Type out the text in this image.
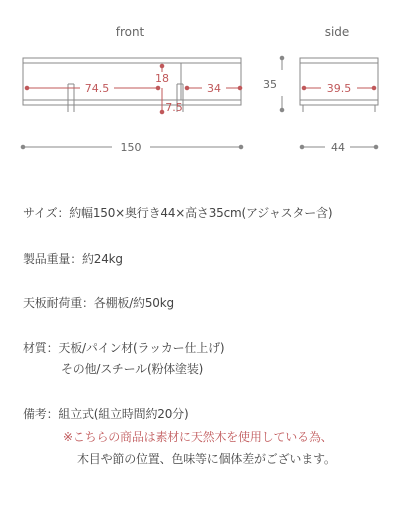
front	side
74.5
18
34
7.5
35	39.5
150	44
サイズ：約幅150×奥行き44×高さ35cm(アジャスター含)
製品重量：約24kg
天板耐荷重：各棚板/約50kg
材質：天板/パイン材(ラッカー仕上げ)
その他/スチール(粉体塗装)
備考：組立式(組立時間約20分)
※こちらの商品は素材に天然木を使用している為、
木目や節の位置、色味等に個体差がございます。
